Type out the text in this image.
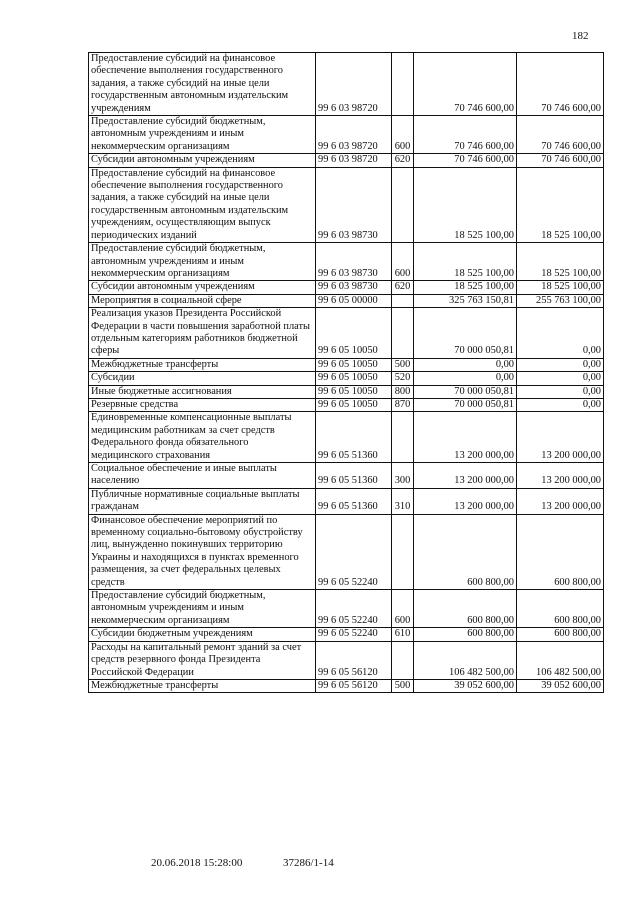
182
Предоставление субсидий на финансовое обеспечение выполнения государственного задания, а также субсидий на иные цели государственным автономным издательским учреждениям	99 6 03 98720		70 746 600,00	70 746 600,00
Предоставление субсидий бюджетным, автономным учреждениям и иным некоммерческим организациям	99 6 03 98720	600	70 746 600,00	70 746 600,00
Субсидии автономным учреждениям	99 6 03 98720	620	70 746 600,00	70 746 600,00
Предоставление субсидий на финансовое обеспечение выполнения государственного задания, а также субсидий на иные цели государственным автономным издательским учреждениям, осуществляющим выпуск периодических изданий	99 6 03 98730		18 525 100,00	18 525 100,00
Предоставление субсидий бюджетным, автономным учреждениям и иным некоммерческим организациям	99 6 03 98730	600	18 525 100,00	18 525 100,00
Субсидии автономным учреждениям	99 6 03 98730	620	18 525 100,00	18 525 100,00
Мероприятия в социальной сфере	99 6 05 00000		325 763 150,81	255 763 100,00
Реализация указов Президента Российской Федерации в части повышения заработной платы отдельным категориям работников бюджетной сферы	99 6 05 10050		70 000 050,81	0,00
Межбюджетные трансферты	99 6 05 10050	500	0,00	0,00
Субсидии	99 6 05 10050	520	0,00	0,00
Иные бюджетные ассигнования	99 6 05 10050	800	70 000 050,81	0,00
Резервные средства	99 6 05 10050	870	70 000 050,81	0,00
Единовременные компенсационные выплаты медицинским работникам за счет средств Федерального фонда обязательного медицинского страхования	99 6 05 51360		13 200 000,00	13 200 000,00
Социальное обеспечение и иные выплаты населению	99 6 05 51360	300	13 200 000,00	13 200 000,00
Публичные нормативные социальные выплаты гражданам	99 6 05 51360	310	13 200 000,00	13 200 000,00
Финансовое обеспечение мероприятий по временному социально-бытовому обустройству лиц, вынужденно покинувших территорию Украины и находящихся в пунктах временного размещения, за счет федеральных целевых средств	99 6 05 52240		600 800,00	600 800,00
Предоставление субсидий бюджетным, автономным учреждениям и иным некоммерческим организациям	99 6 05 52240	600	600 800,00	600 800,00
Субсидии бюджетным учреждениям	99 6 05 52240	610	600 800,00	600 800,00
Расходы на капитальный ремонт зданий за счет средств резервного фонда Президента Российской Федерации	99 6 05 56120		106 482 500,00	106 482 500,00
Межбюджетные трансферты	99 6 05 56120	500	39 052 600,00	39 052 600,00
20.06.2018 15:28:00	37286/1-14
